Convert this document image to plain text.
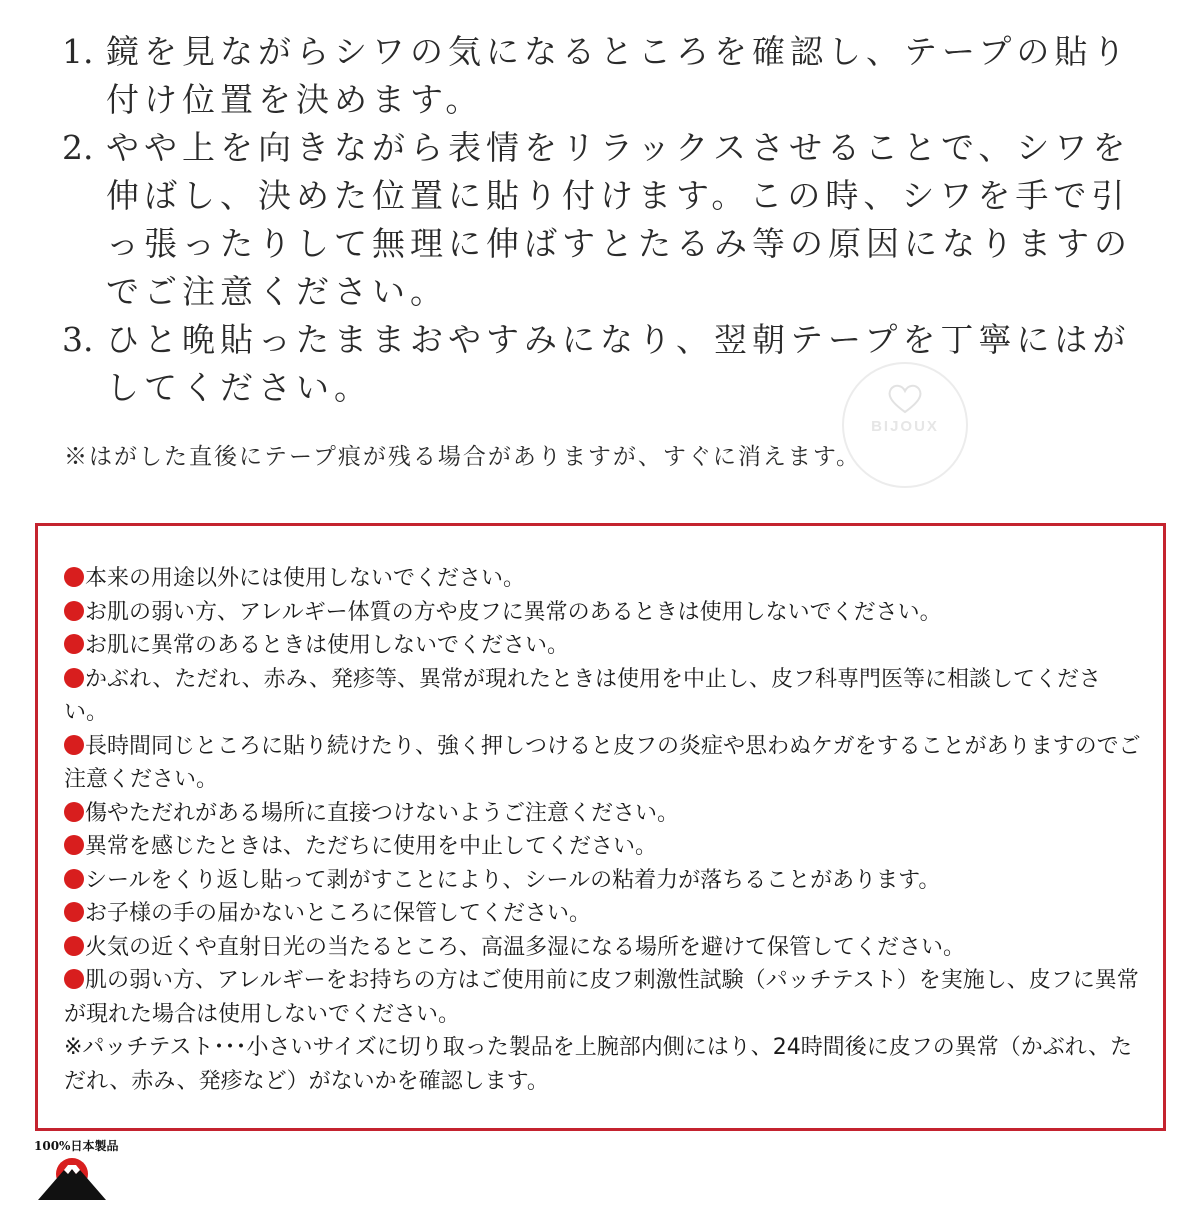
1. 鏡を見ながらシワの気になるところを確認し、テープの貼り付け位置を決めます。

2. やや上を向きながら表情をリラックスさせることで、シワを伸ばし、決めた位置に貼り付けます。この時、シワを手で引っ張ったりして無理に伸ばすとたるみ等の原因になりますのでご注意ください。

3. ひと晩貼ったままおやすみになり、翌朝テープを丁寧にはがしてください。

※はがした直後にテープ痕が残る場合がありますが、すぐに消えます。
BIJOUX

本来の用途以外には使用しないでください。

お肌の弱い方、アレルギー体質の方や皮フに異常のあるときは使用しないでください。

お肌に異常のあるときは使用しないでください。

かぶれ、ただれ、赤み、発疹等、異常が現れたときは使用を中止し、皮フ科専門医等に相談してください。

長時間同じところに貼り続けたり、強く押しつけると皮フの炎症や思わぬケガをすることがありますのでご注意ください。

傷やただれがある場所に直接つけないようご注意ください。

異常を感じたときは、ただちに使用を中止してください。

シールをくり返し貼って剥がすことにより、シールの粘着力が落ちることがあります。

お子様の手の届かないところに保管してください。

火気の近くや直射日光の当たるところ、高温多湿になる場所を避けて保管してください。

肌の弱い方、アレルギーをお持ちの方はご使用前に皮フ刺激性試験（パッチテスト）を実施し、皮フに異常が現れた場合は使用しないでください。

※パッチテスト･･･小さいサイズに切り取った製品を上腕部内側にはり、24時間後に皮フの異常（かぶれ、ただれ、赤み、発疹など）がないかを確認します。

100%日本製品
